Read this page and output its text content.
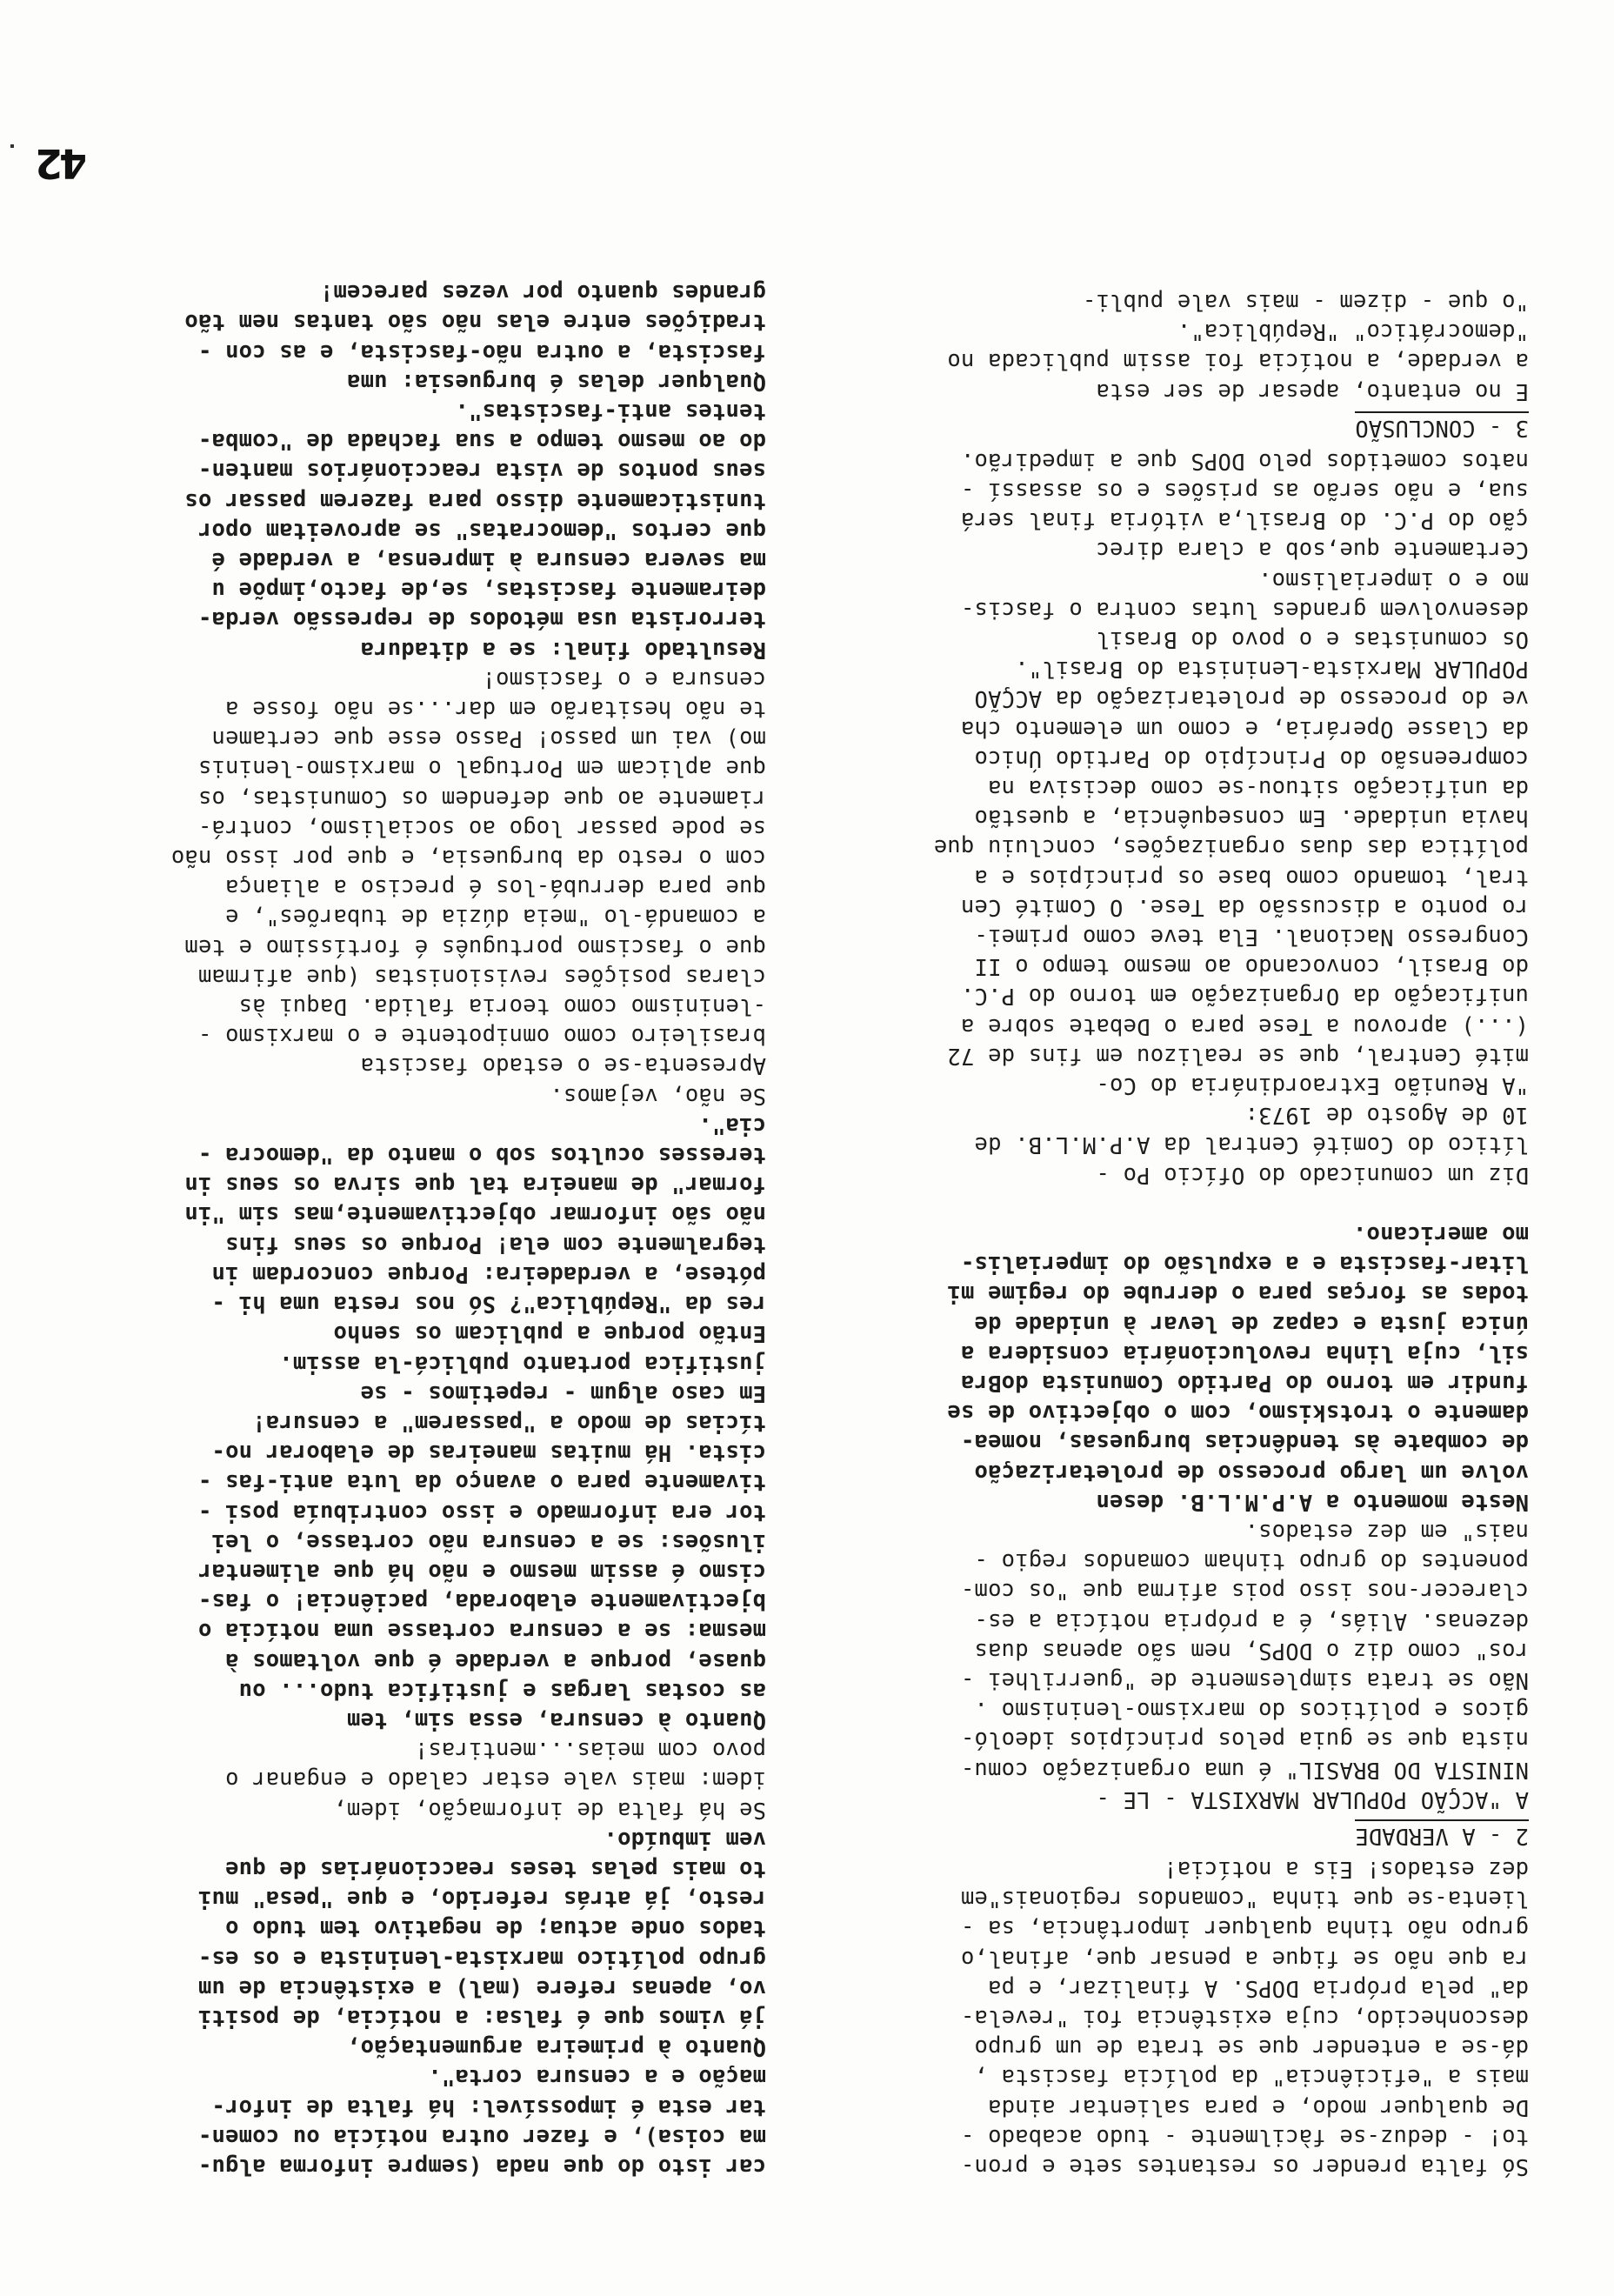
Só falta prender os restantes sete e pron-
to! - deduz-se fàcilmente - tudo acabado -
De qualquer modo, e para salientar ainda
mais a "eficiência" da polícia fascista ,
dá-se a entender que se trata de um grupo
desconhecido, cuja existência foi "revela-
da" pela própria DOPS. A finalizar, e pa
ra que não se fique a pensar que, afinal,o
grupo não tinha qualquer importância, sa -
lienta-se que tinha "comandos regionais"em
dez estados! Eis a notícia!

2 - A VERDADE

A "ACÇÃO POPULAR MARXISTA - LE -
NINISTA DO BRASIL" é uma organização comu-
nista que se guia pelos princípios ideoló-
gicos e políticos do marxismo-leninismo .
Não se trata simplesmente de "guerrilhei -
ros" como diz o DOPS, nem são apenas duas
dezenas. Aliás, é a própria notícia a es-
clarecer-nos isso pois afirma que "os com-
ponentes do grupo tinham comandos regio -
nais" em dez estados.

Neste momento a A.P.M.L.B. desen
volve um largo processo de proletarização
de combate às tendências burguesas, nomea-
damente o trotskismo, com o objectivo de se
fundir em torno do Partido Comunista doBra
sil, cuja linha revolucionária considera a
única justa e capaz de levar à unidade de
todas as forças para o derrube do regime mi
litar-fascista e a expulsão do imperialis-
mo americano.

Diz um comunicado do Ofício Po -
lítico do Comité Central da A.P.M.L.B. de
10 de Agosto de 1973:

"A Reunião Extraordinária do Co-
mité Central, que se realizou em fins de 72
(...) aprovou a Tese para o Debate sobre a
unificação da Organização em torno do P.C.
do Brasil, convocando ao mesmo tempo o II
Congresso Nacional. Ela teve como primei-
ro ponto a discussão da Tese. O Comité Cen
tral, tomando como base os princípios e a
política das duas organizações, concluiu que
havia unidade. Em consequência, a questão
da unificação situou-se como decisiva na
compreensão do Princípio do Partido Único
da Classe Operária, e como um elemento cha
ve do processo de proletarização da ACÇÃO
POPULAR Marxista-Leninista do Brasil".

Os comunistas e o povo do Brasil
desenvolvem grandes lutas contra o fascis-
mo e o imperialismo.

Certamente que,sob a clara direc
ção do P.C. do Brasil,a vitória final será
sua, e não serão as prisões e os assassí -
natos cometidos pelo DOPS que a impedirão.

3 - CONCLUSÃO

E no entanto, apesar de ser esta
a verdade, a notícia foi assim publicada no
"democrático" "República".
"o que - dizem - mais vale publi-

car isto do que nada (sempre informa algu-
ma coisa), e fazer outra notícia ou comen-
tar esta é impossível: há falta de infor-
mação e a censura corta".

Quanto à primeira argumentação,
já vimos que é falsa: a notícia, de positi
vo, apenas refere (mal) a existência de um
grupo político marxista-leninista e os es-
tados onde actua; de negativo tem tudo o
resto, já atrás referido, e que "pesa" mui
to mais pelas teses reaccionárias de que
vem imbuído.

Se há falta de informação, idem,
idem: mais vale estar calado e enganar o
povo com meias...mentiras!

Quanto à censura, essa sim, tem
as costas largas e justifica tudo... ou
quase, porque a verdade é que voltamos à
mesma: se a censura cortasse uma notícia o
bjectivamente elaborada, paciência! o fas-
cismo é assim mesmo e não há que alimentar
ilusões: se a censura não cortasse, o lei
tor era informado e isso contribuía posi -
tivamente para o avanço da luta anti-fas -
cista. Há muitas maneiras de elaborar no-
tícias de modo a "passarem" a censura!

Em caso algum - repetimos - se
justifica portanto publicá-la assim.

Então porque a publicam os senho
res da "República"? Só nos resta uma hi -
pótese, a verdadeira: Porque concordam in
tegralmente com ela! Porque os seus fins
não são informar objectivamente,mas sim "in
formar" de maneira tal que sirva os seus in
teresses ocultos sob o manto da "democra -
cia".

Se não, vejamos.

Apresenta-se o estado fascista
brasileiro como omnipotente e o marxismo -
-leninismo como teoria falida. Daqui às
claras posições revisionistas (que afirmam
que o fascismo português é fortíssimo e tem
a comandá-lo "meia dúzia de tubarões", e
que para derrubá-los é preciso a aliança
com o resto da burguesia, e que por isso não
se pode passar logo ao socialismo, contrá-
riamente ao que defendem os Comunistas, os
que aplicam em Portugal o marxismo-leninis
mo) vai um passo! Passo esse que certamen
te não hesitarão em dar...se não fosse a
censura e o fascismo!

Resultado final: se a ditadura
terrorista usa métodos de repressão verda-
deiramente fascistas, se,de facto,impõe u
ma severa censura à imprensa, a verdade é
que certos "democratas" se aproveitam opor
tunisticamente disso para fazerem passar os
seus pontos de vista reaccionários manten-
do ao mesmo tempo a sua fachada de "comba-
tentes anti-fascistas".

Qualquer delas é burguesia: uma
fascista, a outra não-fascista, e as con -
tradições entre elas não são tantas nem tão
grandes quanto por vezes parecem!

42
